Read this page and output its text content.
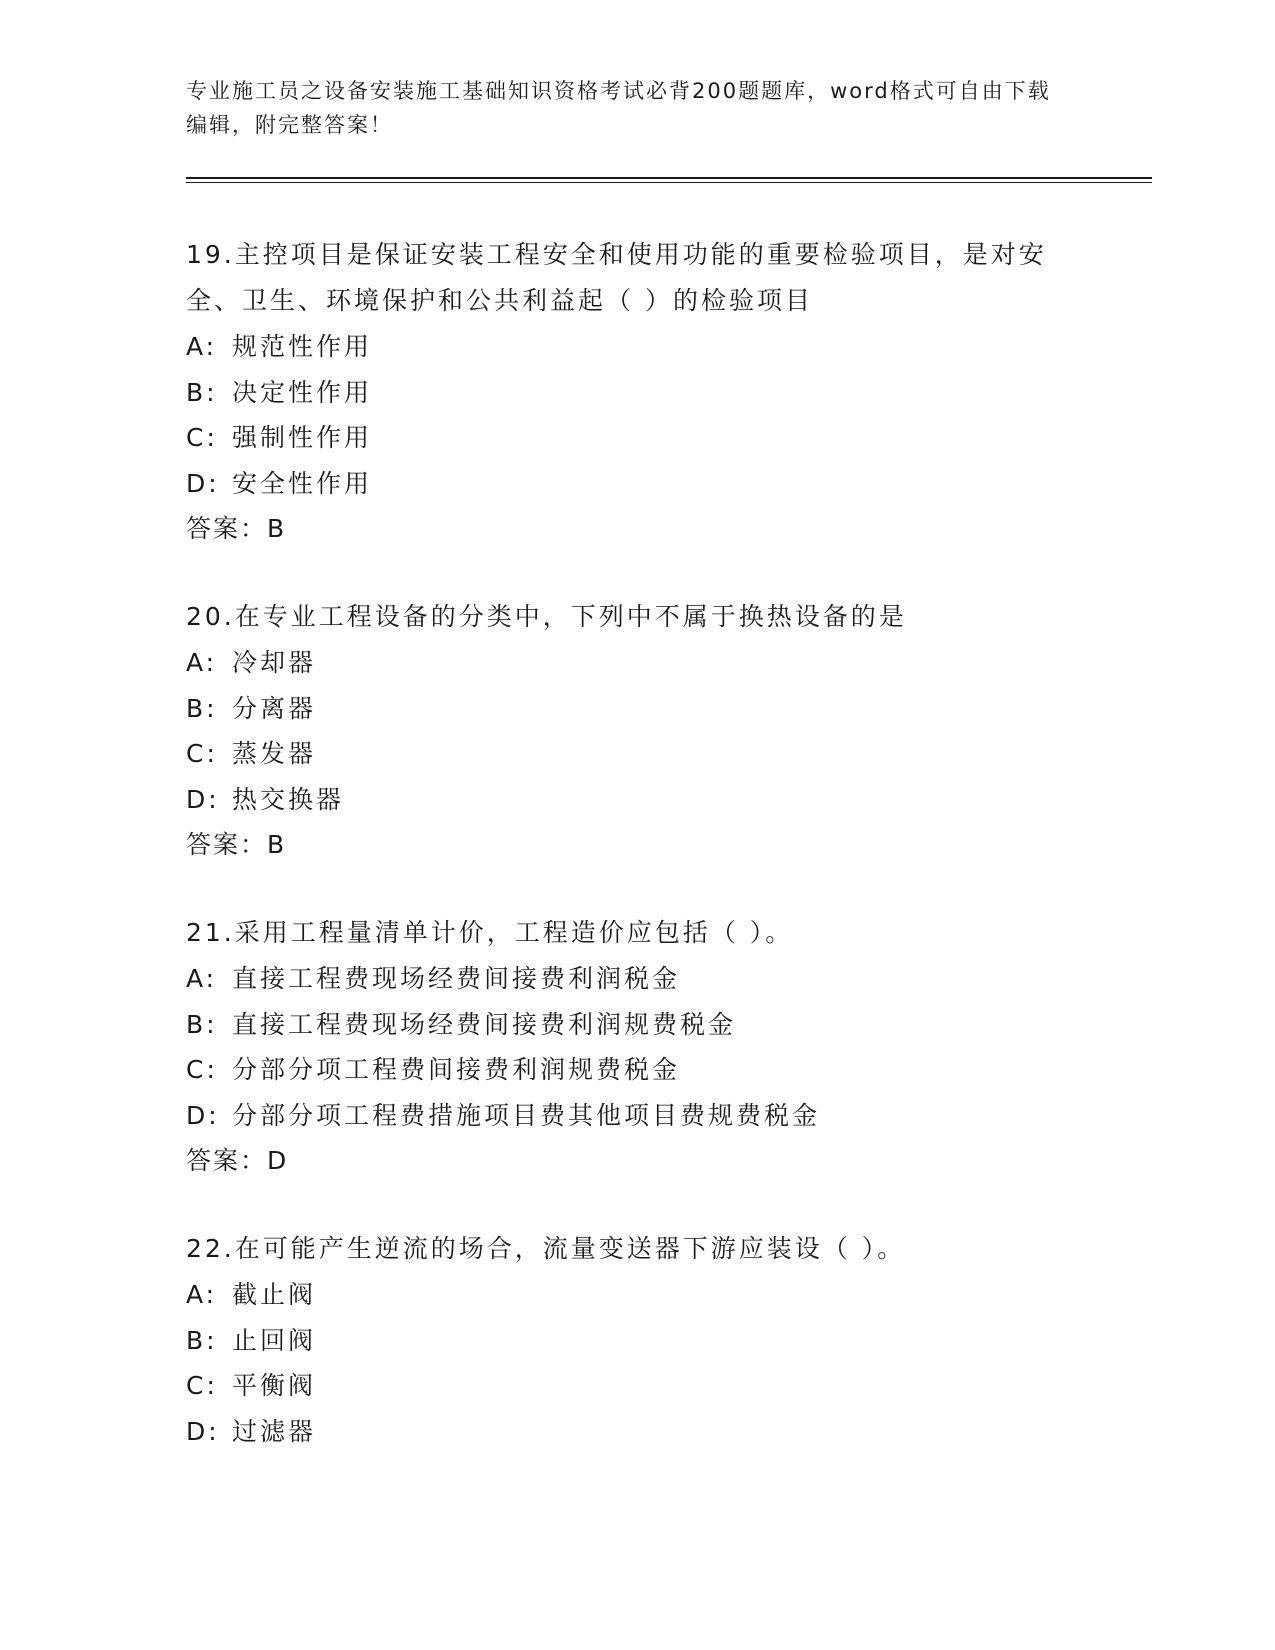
专业施工员之设备安装施工基础知识资格考试必背200题题库，word格式可自由下载编辑，附完整答案！
19.主控项目是保证安装工程安全和使用功能的重要检验项目，是对安全、卫生、环境保护和公共利益起（ ）的检验项目
A: 规范性作用
B: 决定性作用
C: 强制性作用
D: 安全性作用
答案：B
20.在专业工程设备的分类中，下列中不属于换热设备的是
A: 冷却器
B: 分离器
C: 蒸发器
D: 热交换器
答案：B
21.采用工程量清单计价，工程造价应包括（ ）。
A: 直接工程费现场经费间接费利润税金
B: 直接工程费现场经费间接费利润规费税金
C: 分部分项工程费间接费利润规费税金
D: 分部分项工程费措施项目费其他项目费规费税金
答案：D
22.在可能产生逆流的场合，流量变送器下游应装设（ ）。
A: 截止阀
B: 止回阀
C: 平衡阀
D: 过滤器
